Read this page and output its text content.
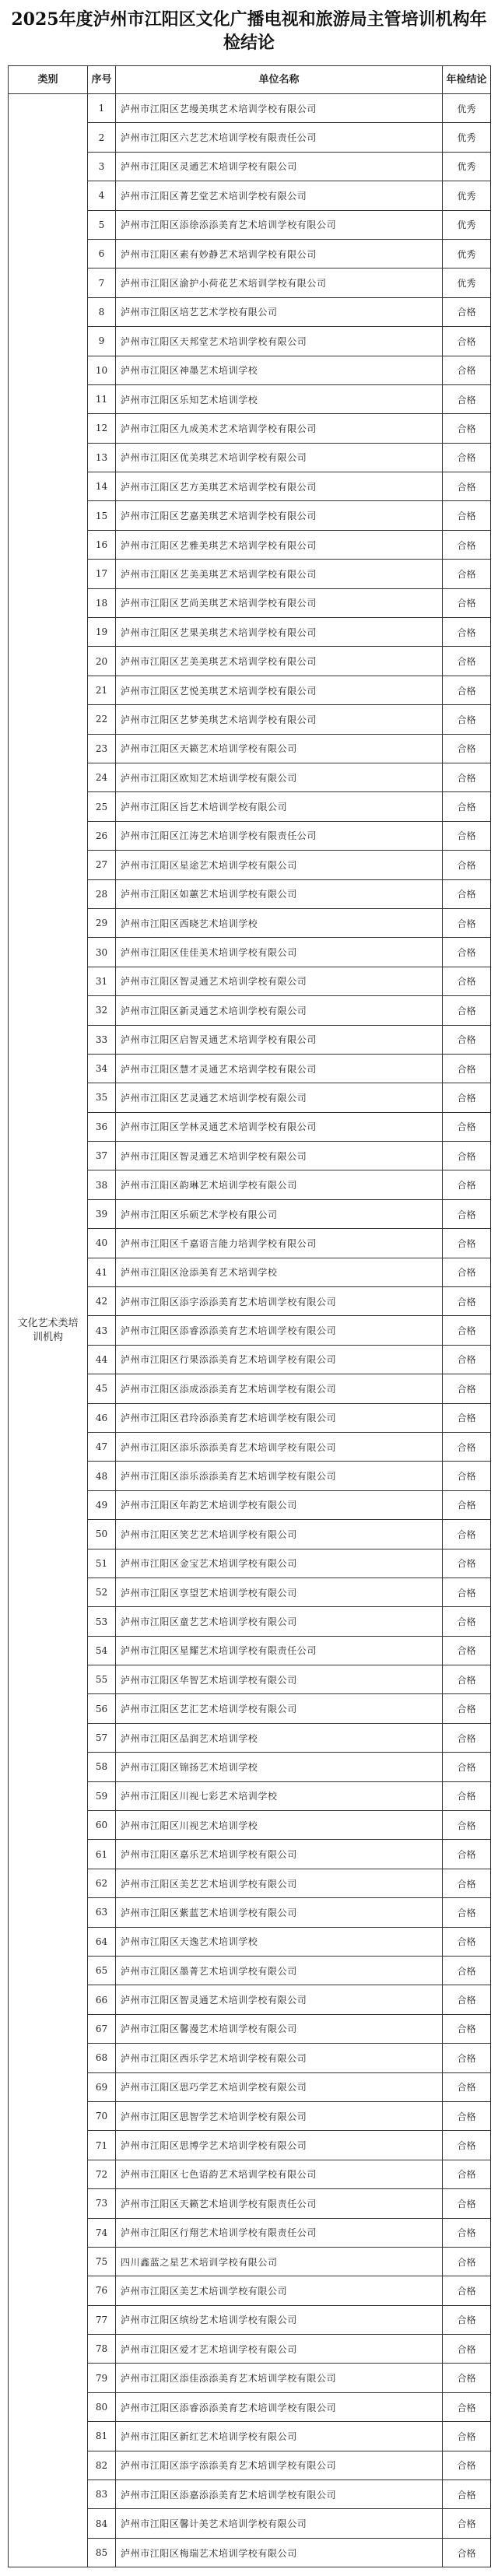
2025年度泸州市江阳区文化广播电视和旅游局主管培训机构年检结论
类别	序号	单位名称	年检结论
文化艺术类培训机构	1	泸州市江阳区艺缦美琪艺术培训学校有限公司	优秀
	2	泸州市江阳区六艺艺术培训学校有限责任公司	优秀
	3	泸州市江阳区灵通艺术培训学校有限公司	优秀
	4	泸州市江阳区菁艺堂艺术培训学校有限公司	优秀
	5	泸州市江阳区添徐添添美育艺术培训学校有限公司	优秀
	6	泸州市江阳区素有妙静艺术培训学校有限公司	优秀
	7	泸州市江阳区渝护小荷花艺术培训学校有限公司	优秀
	8	泸州市江阳区培艺艺术学校有限公司	合格
	9	泸州市江阳区天邦堂艺术培训学校有限公司	合格
	10	泸州市江阳区神墨艺术培训学校	合格
	11	泸州市江阳区乐知艺术培训学校	合格
	12	泸州市江阳区九成美术艺术培训学校有限公司	合格
	13	泸州市江阳区优美琪艺术培训学校有限公司	合格
	14	泸州市江阳区艺方美琪艺术培训学校有限公司	合格
	15	泸州市江阳区艺嘉美琪艺术培训学校有限公司	合格
	16	泸州市江阳区艺雅美琪艺术培训学校有限公司	合格
	17	泸州市江阳区艺美美琪艺术培训学校有限公司	合格
	18	泸州市江阳区艺尚美琪艺术培训学校有限公司	合格
	19	泸州市江阳区艺果美琪艺术培训学校有限公司	合格
	20	泸州市江阳区艺美美琪艺术培训学校有限公司	合格
	21	泸州市江阳区艺悦美琪艺术培训学校有限公司	合格
	22	泸州市江阳区艺梦美琪艺术培训学校有限公司	合格
	23	泸州市江阳区天籁艺术培训学校有限公司	合格
	24	泸州市江阳区欧知艺术培训学校有限公司	合格
	25	泸州市江阳区旨艺术培训学校有限公司	合格
	26	泸州市江阳区江涛艺术培训学校有限责任公司	合格
	27	泸州市江阳区星途艺术培训学校有限公司	合格
	28	泸州市江阳区如蕙艺术培训学校有限公司	合格
	29	泸州市江阳区西晓艺术培训学校	合格
	30	泸州市江阳区佳佳美术培训学校有限公司	合格
	31	泸州市江阳区智灵通艺术培训学校有限公司	合格
	32	泸州市江阳区新灵通艺术培训学校有限公司	合格
	33	泸州市江阳区启智灵通艺术培训学校有限公司	合格
	34	泸州市江阳区慧才灵通艺术培训学校有限公司	合格
	35	泸州市江阳区艺灵通艺术培训学校有限公司	合格
	36	泸州市江阳区学林灵通艺术培训学校有限公司	合格
	37	泸州市江阳区智灵通艺术培训学校有限公司	合格
	38	泸州市江阳区韵琳艺术培训学校有限公司	合格
	39	泸州市江阳区乐硕艺术学校有限公司	合格
	40	泸州市江阳区千嘉语言能力培训学校有限公司	合格
	41	泸州市江阳区沧添美育艺术培训学校	合格
	42	泸州市江阳区添字添添美育艺术培训学校有限公司	合格
	43	泸州市江阳区添睿添添美育艺术培训学校有限公司	合格
	44	泸州市江阳区行果添添美育艺术培训学校有限公司	合格
	45	泸州市江阳区添成添添美育艺术培训学校有限公司	合格
	46	泸州市江阳区君玲添添美育艺术培训学校有限公司	合格
	47	泸州市江阳区添乐添添美育艺术培训学校有限公司	合格
	48	泸州市江阳区添乐添添美育艺术培训学校有限公司	合格
	49	泸州市江阳区年韵艺术培训学校有限公司	合格
	50	泸州市江阳区笑艺艺术培训学校有限公司	合格
	51	泸州市江阳区金宝艺术培训学校有限公司	合格
	52	泸州市江阳区享望艺术培训学校有限公司	合格
	53	泸州市江阳区童艺艺术培训学校有限公司	合格
	54	泸州市江阳区星耀艺术培训学校有限责任公司	合格
	55	泸州市江阳区华智艺术培训学校有限公司	合格
	56	泸州市江阳区艺汇艺术培训学校有限公司	合格
	57	泸州市江阳区品润艺术培训学校	合格
	58	泸州市江阳区锦扬艺术培训学校	合格
	59	泸州市江阳区川视七彩艺术培训学校	合格
	60	泸州市江阳区川视艺术培训学校	合格
	61	泸州市江阳区嘉乐艺术培训学校有限公司	合格
	62	泸州市江阳区美艺艺术培训学校有限公司	合格
	63	泸州市江阳区紫蓝艺术培训学校有限公司	合格
	64	泸州市江阳区天逸艺术培训学校	合格
	65	泸州市江阳区墨菁艺术培训学校有限公司	合格
	66	泸州市江阳区智灵通艺术培训学校有限公司	合格
	67	泸州市江阳区馨漫艺术培训学校有限公司	合格
	68	泸州市江阳区西乐学艺术培训学校有限公司	合格
	69	泸州市江阳区思巧学艺术培训学校有限公司	合格
	70	泸州市江阳区思智学艺术培训学校有限公司	合格
	71	泸州市江阳区思博学艺术培训学校有限公司	合格
	72	泸州市江阳区七色语韵艺术培训学校有限公司	合格
	73	泸州市江阳区天籁艺术培训学校有限责任公司	合格
	74	泸州市江阳区行翔艺术培训学校有限责任公司	合格
	75	四川鑫蓝之星艺术培训学校有限公司	合格
	76	泸州市江阳区美艺术培训学校有限公司	合格
	77	泸州市江阳区缤纷艺术培训学校有限公司	合格
	78	泸州市江阳区爱才艺术培训学校有限公司	合格
	79	泸州市江阳区添佳添添美育艺术培训学校有限公司	合格
	80	泸州市江阳区添睿添添美育艺术培训学校有限公司	合格
	81	泸州市江阳区新红艺术培训学校有限公司	合格
	82	泸州市江阳区添字添添美育艺术培训学校有限公司	合格
	83	泸州市江阳区添嘉添添美育艺术培训学校有限公司	合格
	84	泸州市江阳区馨计美艺术培训学校有限公司	合格
	85	泸州市江阳区梅瑞艺术培训学校有限公司	合格
